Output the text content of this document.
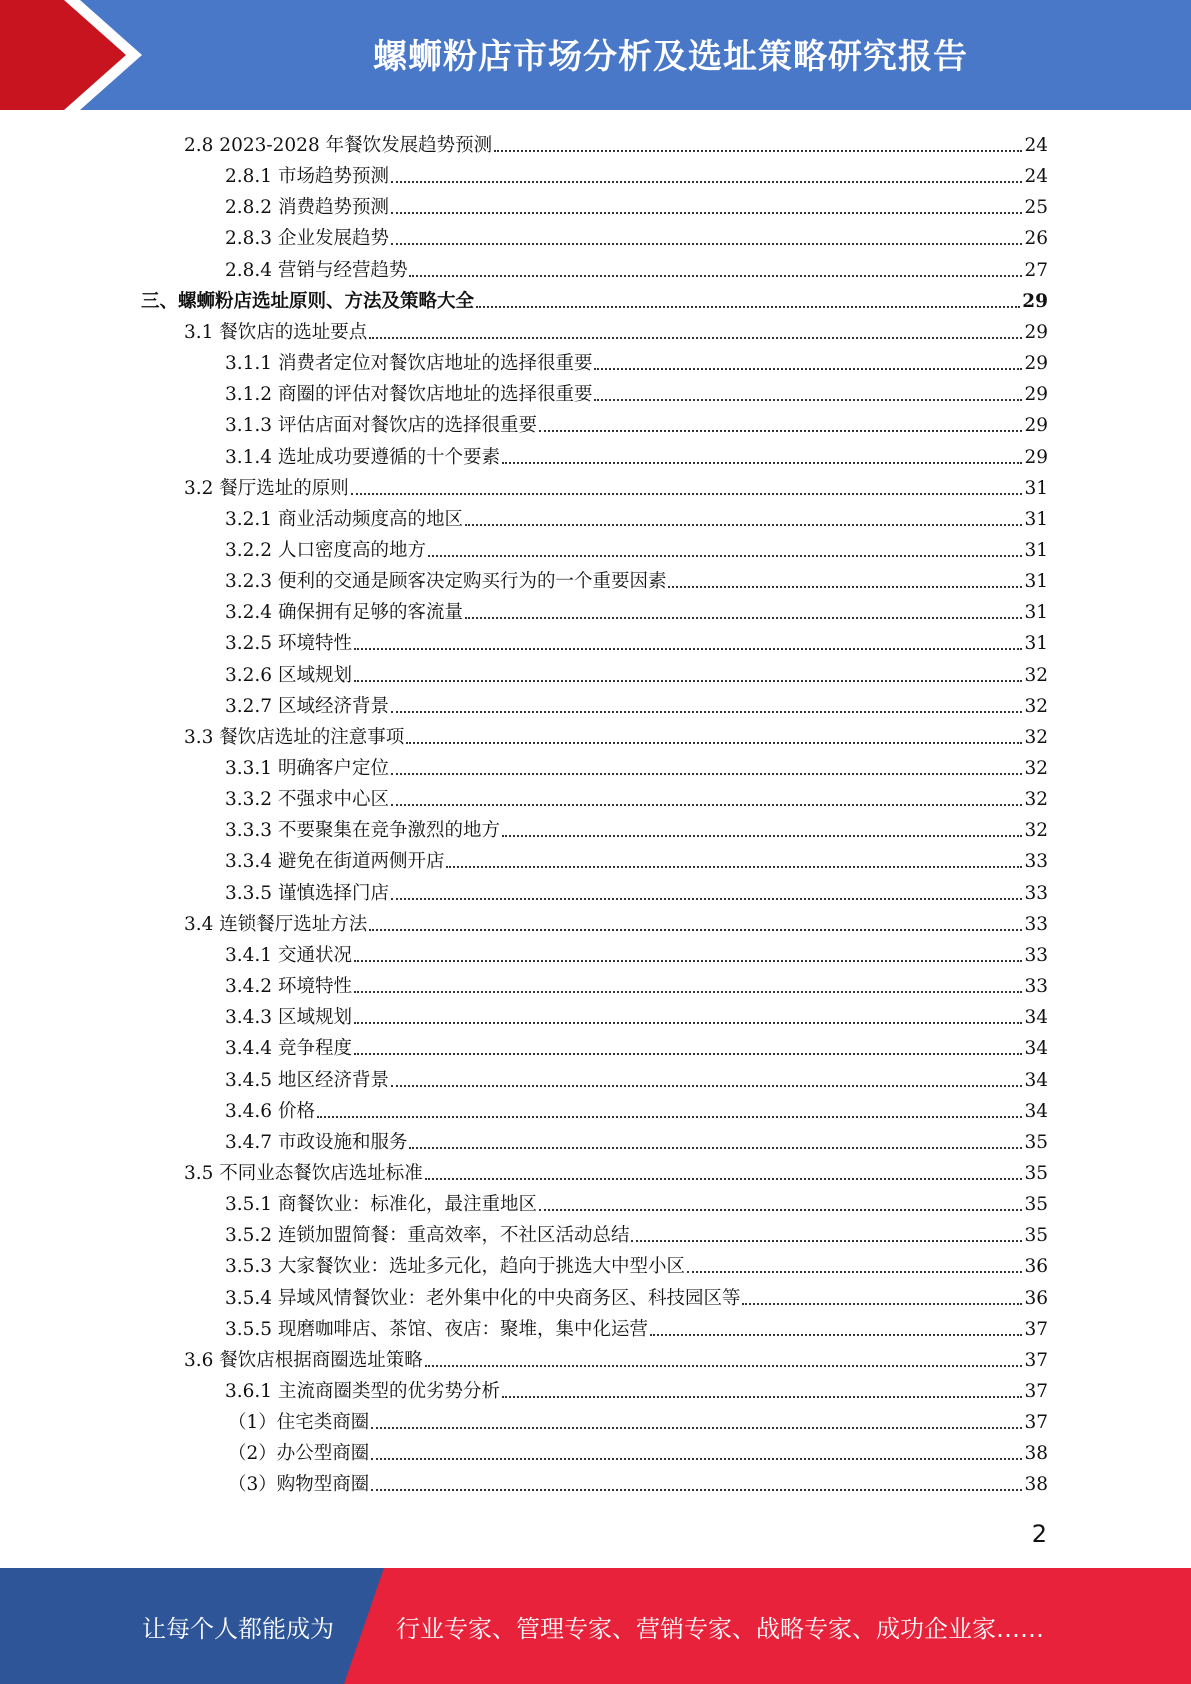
螺蛳粉店市场分析及选址策略研究报告
2.8 2023-2028 年餐饮发展趋势预测	24
2.8.1 市场趋势预测	24
2.8.2 消费趋势预测	25
2.8.3 企业发展趋势	26
2.8.4 营销与经营趋势	27
三、螺蛳粉店选址原则、方法及策略大全	29
3.1 餐饮店的选址要点	29
3.1.1 消费者定位对餐饮店地址的选择很重要	29
3.1.2 商圈的评估对餐饮店地址的选择很重要	29
3.1.3 评估店面对餐饮店的选择很重要	29
3.1.4 选址成功要遵循的十个要素	29
3.2 餐厅选址的原则	31
3.2.1 商业活动频度高的地区	31
3.2.2 人口密度高的地方	31
3.2.3 便利的交通是顾客决定购买行为的一个重要因素	31
3.2.4 确保拥有足够的客流量	31
3.2.5 环境特性	31
3.2.6 区域规划	32
3.2.7 区域经济背景	32
3.3 餐饮店选址的注意事项	32
3.3.1 明确客户定位	32
3.3.2 不强求中心区	32
3.3.3 不要聚集在竞争激烈的地方	32
3.3.4 避免在街道两侧开店	33
3.3.5 谨慎选择门店	33
3.4 连锁餐厅选址方法	33
3.4.1 交通状况	33
3.4.2 环境特性	33
3.4.3 区域规划	34
3.4.4 竞争程度	34
3.4.5 地区经济背景	34
3.4.6 价格	34
3.4.7 市政设施和服务	35
3.5 不同业态餐饮店选址标准	35
3.5.1 商餐饮业：标准化，最注重地区	35
3.5.2 连锁加盟简餐：重高效率，不社区活动总结	35
3.5.3 大家餐饮业：选址多元化，趋向于挑选大中型小区	36
3.5.4 异域风情餐饮业：老外集中化的中央商务区、科技园区等	36
3.5.5 现磨咖啡店、茶馆、夜店：聚堆，集中化运营	37
3.6 餐饮店根据商圈选址策略	37
3.6.1 主流商圈类型的优劣势分析	37
（1）住宅类商圈	37
（2）办公型商圈	38
（3）购物型商圈	38
2
让每个人都能成为	行业专家、管理专家、营销专家、战略专家、成功企业家……
